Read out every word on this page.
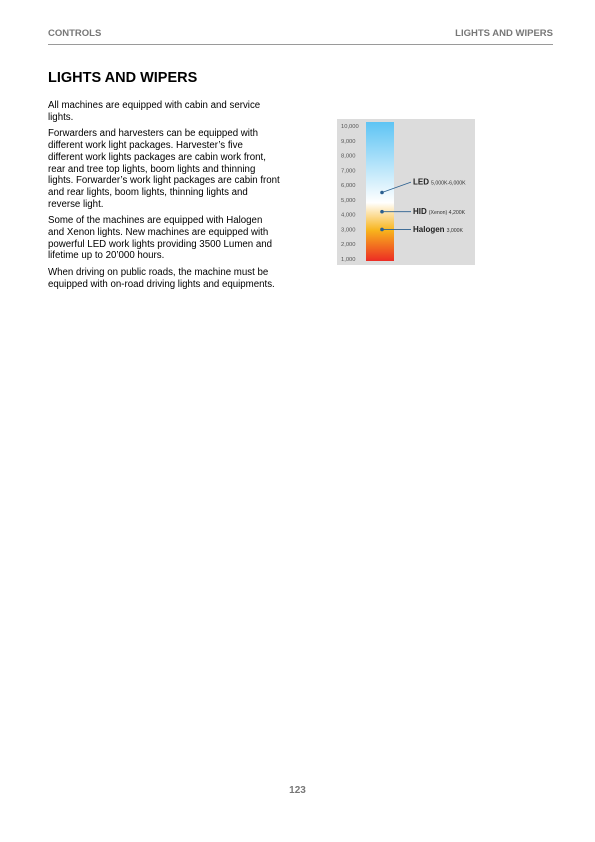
CONTROLS	LIGHTS AND WIPERS
LIGHTS AND WIPERS

All machines are equipped with cabin and service lights.

Forwarders and harvesters can be equipped with different work light packages. Harvester’s five different work lights packages are cabin work front, rear and tree top lights, boom lights and thinning lights. Forwarder’s work light packages are cabin front and rear lights, boom lights, thinning lights and reverse light.

Some of the machines are equipped with Halogen and Xenon lights. New machines are equipped with powerful LED work lights providing 3500 Lumen and lifetime up to 20’000 hours.

When driving on public roads, the machine must be equipped with on-road driving lights and equipments.

10,000
9,000
8,000
7,000
6,000
5,000
4,000
3,000
2,000
1,000
LED 5,000K-6,000K
HID (Xenon) 4,200K
Halogen 3,000K
123
